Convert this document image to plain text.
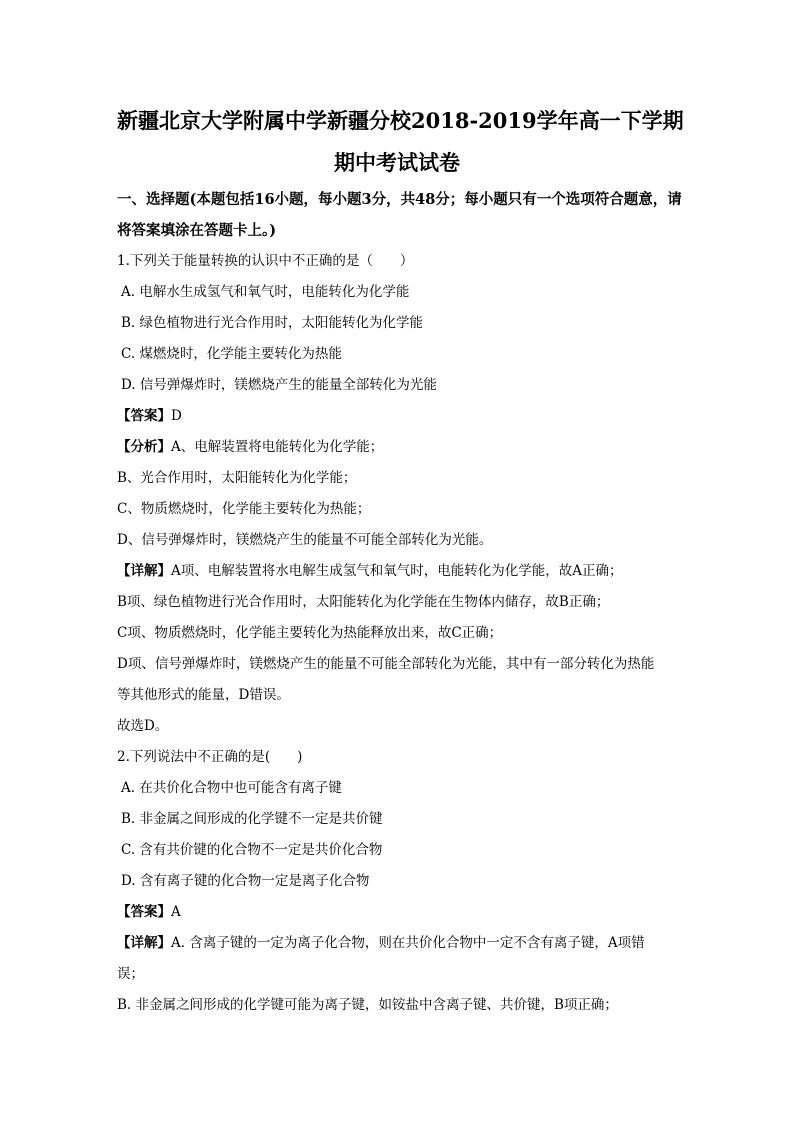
新疆北京大学附属中学新疆分校2018-2019学年高一下学期
期中考试试卷
一、选择题(本题包括16小题，每小题3分，共48分；每小题只有一个选项符合题意，请
将答案填涂在答题卡上。)
1.下列关于能量转换的认识中不正确的是（　　）
A. 电解水生成氢气和氧气时，电能转化为化学能
B. 绿色植物进行光合作用时，太阳能转化为化学能
C. 煤燃烧时，化学能主要转化为热能
D. 信号弹爆炸时，镁燃烧产生的能量全部转化为光能
【答案】D
【分析】A、电解装置将电能转化为化学能；
B、光合作用时，太阳能转化为化学能；
C、物质燃烧时，化学能主要转化为热能；
D、信号弹爆炸时，镁燃烧产生的能量不可能全部转化为光能。
【详解】A项、电解装置将水电解生成氢气和氧气时，电能转化为化学能，故A正确；
B项、绿色植物进行光合作用时，太阳能转化为化学能在生物体内储存，故B正确；
C项、物质燃烧时，化学能主要转化为热能释放出来，故C正确；
D项、信号弹爆炸时，镁燃烧产生的能量不可能全部转化为光能，其中有一部分转化为热能
等其他形式的能量，D错误。
故选D。
2.下列说法中不正确的是(　　)
A. 在共价化合物中也可能含有离子键
B. 非金属之间形成的化学键不一定是共价键
C. 含有共价键的化合物不一定是共价化合物
D. 含有离子键的化合物一定是离子化合物
【答案】A
【详解】A. 含离子键的一定为离子化合物，则在共价化合物中一定不含有离子键，A项错
误；
B. 非金属之间形成的化学键可能为离子键，如铵盐中含离子键、共价键，B项正确；
